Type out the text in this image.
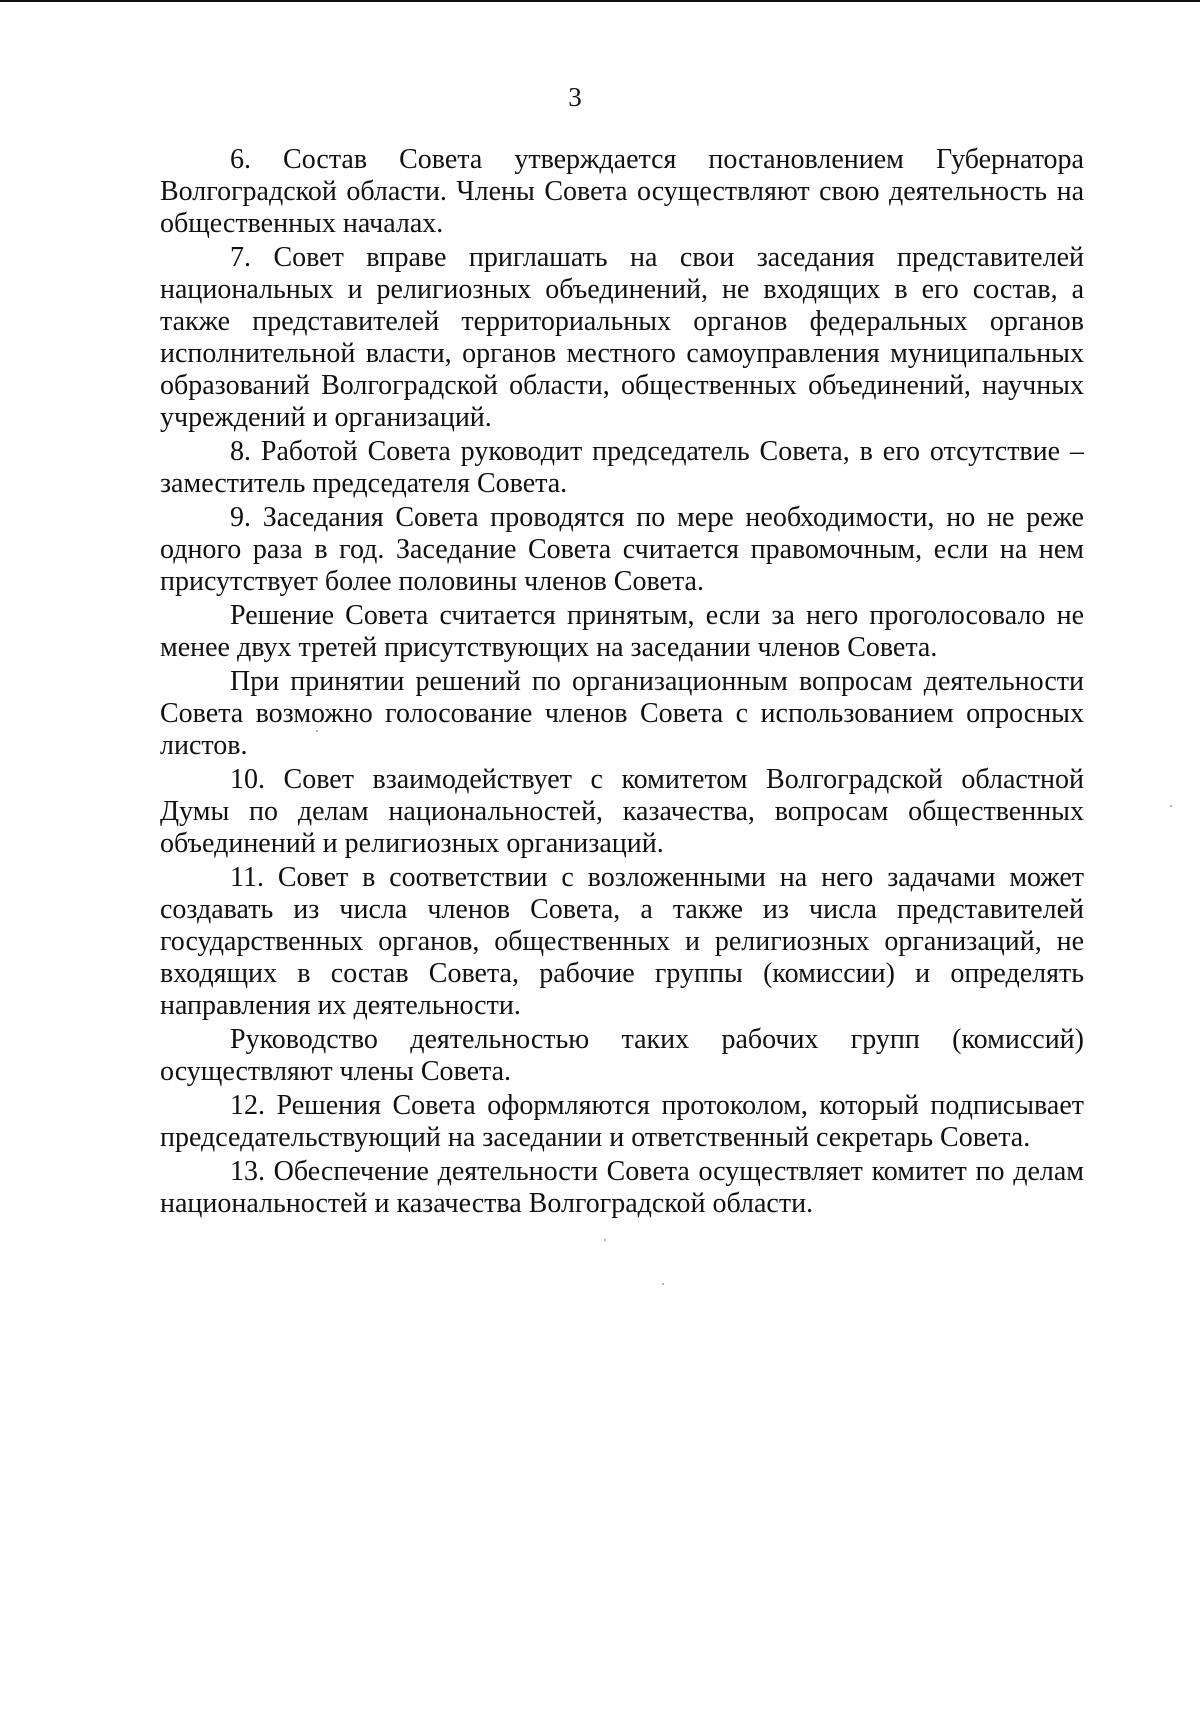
3

6. Состав Совета утверждается постановлением Губернатора Волгоградской области. Члены Совета осуществляют свою деятельность на общественных началах.

7. Совет вправе приглашать на свои заседания представителей национальных и религиозных объединений, не входящих в его состав, а также представителей территориальных органов федеральных органов исполнительной власти, органов местного самоуправления муниципальных образований Волгоградской области, общественных объединений, научных учреждений и организаций.

8. Работой Совета руководит председатель Совета, в его отсутствие – заместитель председателя Совета.

9. Заседания Совета проводятся по мере необходимости, но не реже одного раза в год. Заседание Совета считается правомочным, если на нем присутствует более половины членов Совета.

Решение Совета считается принятым, если за него проголосовало не менее двух третей присутствующих на заседании членов Совета.

При принятии решений по организационным вопросам деятельности Совета возможно голосование членов Совета с использованием опросных листов.

10. Совет взаимодействует с комитетом Волгоградской областной Думы по делам национальностей, казачества, вопросам общественных объединений и религиозных организаций.

11. Совет в соответствии с возложенными на него задачами может создавать из числа членов Совета, а также из числа представителей государственных органов, общественных и религиозных организаций, не входящих в состав Совета, рабочие группы (комиссии) и определять направления их деятельности.

Руководство деятельностью таких рабочих групп (комиссий) осуществляют члены Совета.

12. Решения Совета оформляются протоколом, который подписывает председательствующий на заседании и ответственный секретарь Совета.

13. Обеспечение деятельности Совета осуществляет комитет по делам национальностей и казачества Волгоградской области.
